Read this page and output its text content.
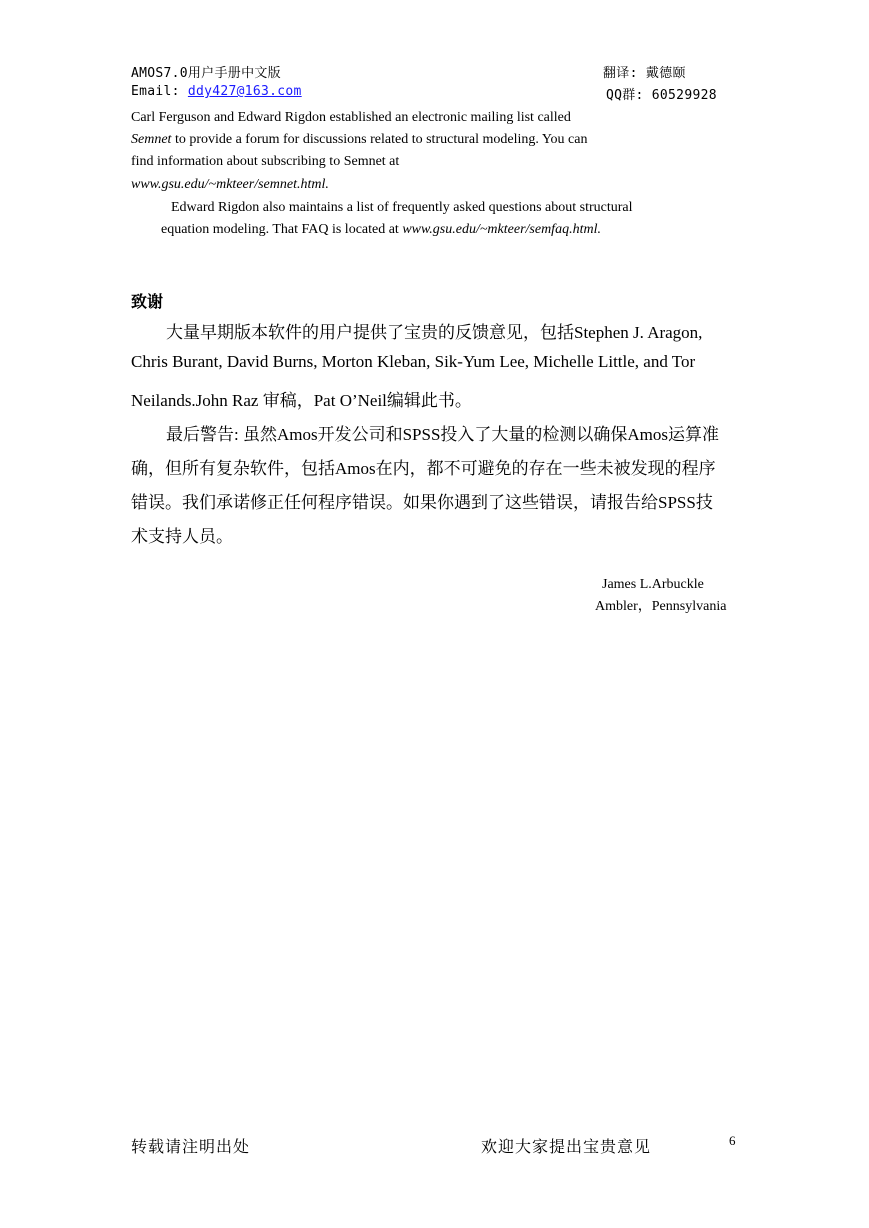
AMOS7.0用户手册中文版	翻译: 戴德颐
Email: ddy427@163.com	QQ群: 60529928
Carl Ferguson and Edward Rigdon established an electronic mailing list called
Semnet to provide a forum for discussions related to structural modeling. You can
find information about subscribing to Semnet at
www.gsu.edu/~mkteer/semnet.html.
Edward Rigdon also maintains a list of frequently asked questions about structural
equation modeling. That FAQ is located at www.gsu.edu/~mkteer/semfaq.html.
致谢
大量早期版本软件的用户提供了宝贵的反馈意见，包括Stephen J. Aragon,
Chris Burant, David Burns, Morton Kleban, Sik-Yum Lee, Michelle Little, and Tor
Neilands.John Raz 审稿，Pat O’Neil编辑此书。
最后警告: 虽然Amos开发公司和SPSS投入了大量的检测以确保Amos运算准
确，但所有复杂软件，包括Amos在内，都不可避免的存在一些未被发现的程序
错误。我们承诺修正任何程序错误。如果你遇到了这些错误，请报告给SPSS技
术支持人员。
James L.Arbuckle
Ambler，Pennsylvania
转载请注明出处	欢迎大家提出宝贵意见	6
